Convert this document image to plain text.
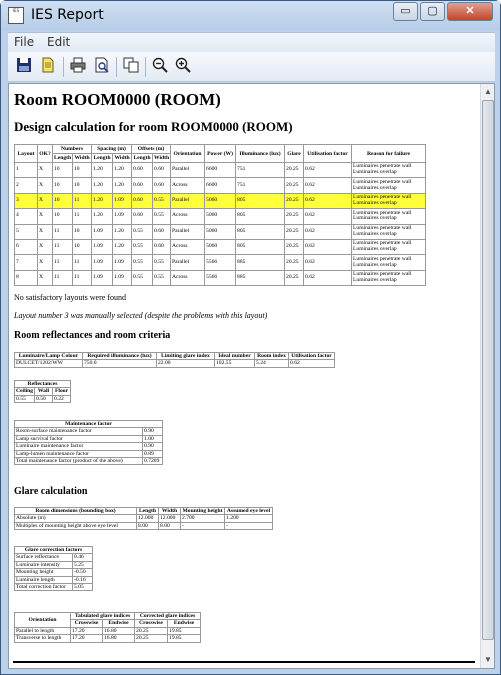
IES IES Report	▭	▢	✕
File Edit
Room ROOM0000 (ROOM)
Design calculation for room ROOM0000 (ROOM)
Layout	OK?	Numbers		Spacing (m)		Offsets (m)		Orientation	Power (W)	Illuminance (lux)	Glare	Utilisation factor	Reason for failure
		Length	Width	Length	Width	Length	Width						
1	X	10	10	1.20	1.20	0.60	0.60	Parallel	6600	751	20.25	0.62	Luminaires penetrate wall
Luminaires overlap

2	X	10	10	1.20	1.20	0.60	0.60	Across	6600	751	20.25	0.62	Luminaires penetrate wall
Luminaires overlap

3	X	10	11	1.20	1.09	0.60	0.55	Parallel	5060	805	20.25	0.62	Luminaires penetrate wall
Luminaires overlap

4	X	10	11	1.20	1.09	0.60	0.55	Across	5060	805	20.25	0.62	Luminaires penetrate wall
Luminaires overlap

5	X	11	10	1.09	1.20	0.55	0.60	Parallel	5060	805	20.25	0.62	Luminaires penetrate wall
Luminaires overlap

6	X	11	10	1.09	1.20	0.55	0.60	Across	5060	805	20.25	0.62	Luminaires penetrate wall
Luminaires overlap

7	X	11	11	1.09	1.09	0.55	0.55	Parallel	5566	885	20.25	0.62	Luminaires penetrate wall
Luminaires overlap

8	X	11	11	1.09	1.09	0.55	0.55	Across	5566	885	20.25	0.62	Luminaires penetrate wall
Luminaires overlap
No satisfactory layouts were found
Layout number 3 was manually selected (despite the problems with this layout)
Room reflectances and room criteria
Luminaire/Lamp Colour	Required illuminance (lux)	Limiting glare index	Ideal number	Room index	Utilisation factor
DULCET/1202/WW	750.0	22.00	102.55	5.24	0.62
Reflectances		
Ceiling	Wall	Floor
0.55	0.50	0.22
Maintenance factor	
Room-surface maintenance factor	0.90
Lamp survival factor	1.00
Luminaire maintenance factor	0.90
Lamp-lumen maintenance factor	0.89
Total maintenance factor (product of the above)	0.7209
Glare calculation
Room dimensions (bounding box)	Length	Width	Mounting height	Assumed eye level
Absolute (m)	12.000	12.000	2.700	1.200
Multiples of mounting height above eye level	8.00	8.00	-	-
Glare correction factors	
Surface reflectance	0.46
Luminaire intensity	5.25
Mounting height	-0.50
Luminaire length	-0.16
Total correction factor	5.05
Orientation	Tabulated glare indices		Corrected glare indices	
	Crosswise	Endwise	Crosswise	Endwise
Parallel to length	17.20	16.80	20.25	19.85
Transverse to length	17.20	16.80	20.25	19.85
▲
▼
